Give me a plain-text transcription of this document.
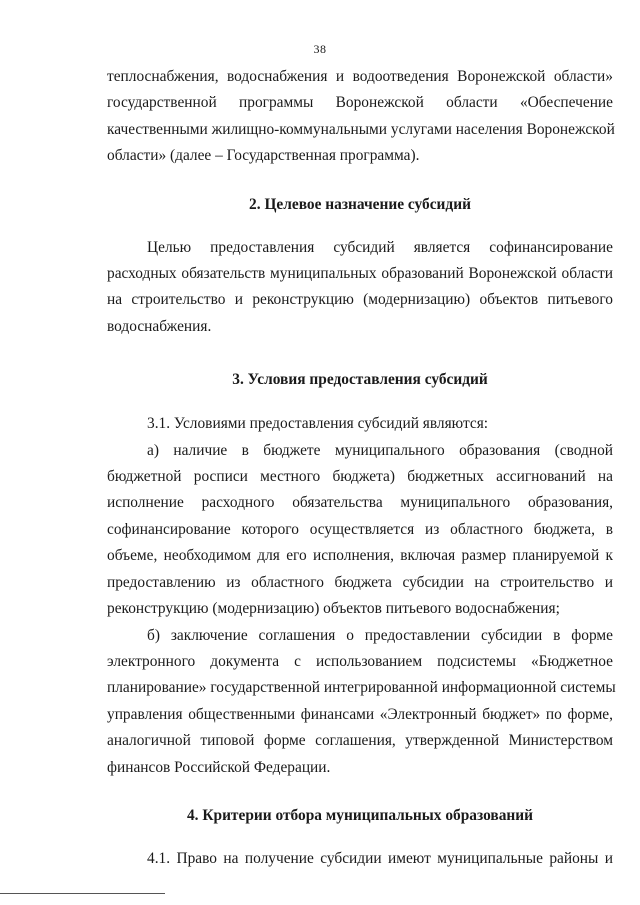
38

теплоснабжения, водоснабжения и водоотведения Воронежской области»
государственной программы Воронежской области «Обеспечение
качественными жилищно-коммунальными услугами населения Воронежской
области» (далее – Государственная программа).

2. Целевое назначение субсидий

Целью предоставления субсидий является софинансирование
расходных обязательств муниципальных образований Воронежской области
на строительство и реконструкцию (модернизацию) объектов питьевого
водоснабжения.

3. Условия предоставления субсидий

3.1. Условиями предоставления субсидий являются:

а) наличие в бюджете муниципального образования (сводной
бюджетной росписи местного бюджета) бюджетных ассигнований на
исполнение расходного обязательства муниципального образования,
софинансирование которого осуществляется из областного бюджета, в
объеме, необходимом для его исполнения, включая размер планируемой к
предоставлению из областного бюджета субсидии на строительство и
реконструкцию (модернизацию) объектов питьевого водоснабжения;

б) заключение соглашения о предоставлении субсидии в форме
электронного документа с использованием подсистемы «Бюджетное
планирование» государственной интегрированной информационной системы
управления общественными финансами «Электронный бюджет» по форме,
аналогичной типовой форме соглашения, утвержденной Министерством
финансов Российской Федерации.

4. Критерии отбора муниципальных образований

4.1. Право на получение субсидии имеют муниципальные районы и
